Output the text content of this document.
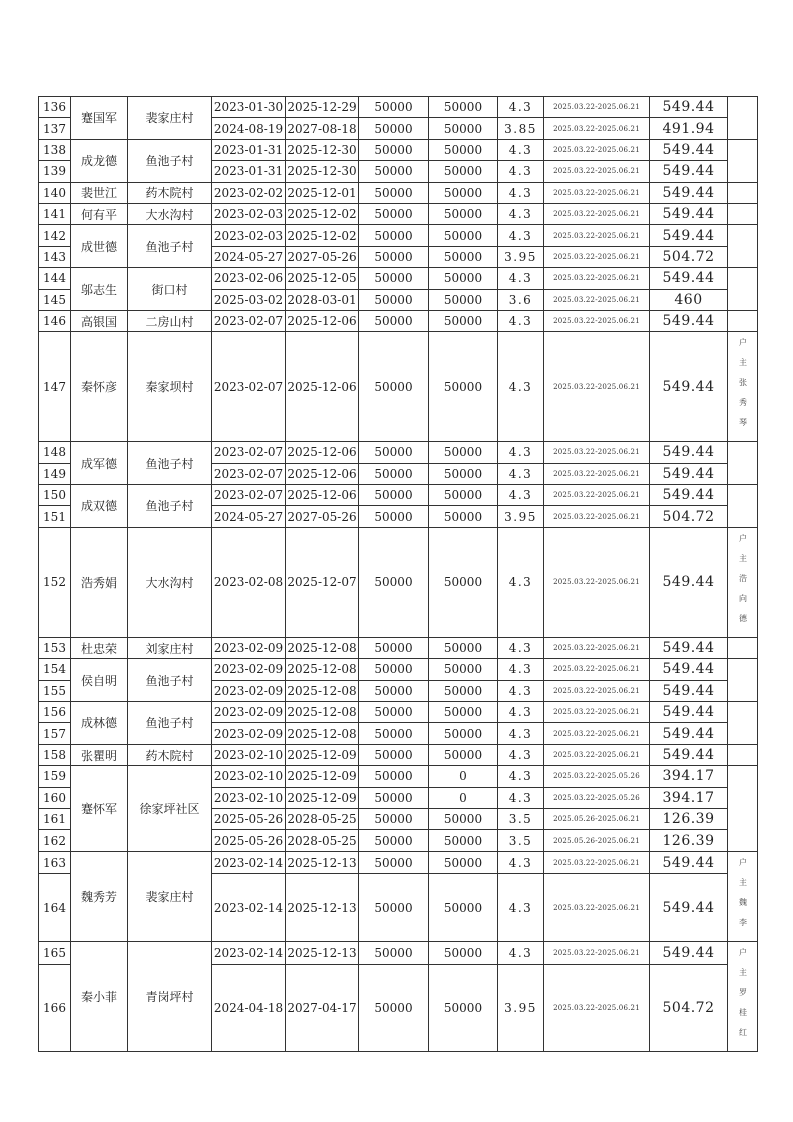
136	蹇国军	裴家庄村	2023-01-30	2025-12-29	50000	50000	4.3	2025.03.22-2025.06.21	549.44	
137			2024-08-19	2027-08-18	50000	50000	3.85	2025.03.22-2025.06.21	491.94	
138	成龙德	鱼池子村	2023-01-31	2025-12-30	50000	50000	4.3	2025.03.22-2025.06.21	549.44	
139			2023-01-31	2025-12-30	50000	50000	4.3	2025.03.22-2025.06.21	549.44	
140	裴世江	药木院村	2023-02-02	2025-12-01	50000	50000	4.3	2025.03.22-2025.06.21	549.44	
141	何有平	大水沟村	2023-02-03	2025-12-02	50000	50000	4.3	2025.03.22-2025.06.21	549.44	
142	成世德	鱼池子村	2023-02-03	2025-12-02	50000	50000	4.3	2025.03.22-2025.06.21	549.44	
143			2024-05-27	2027-05-26	50000	50000	3.95	2025.03.22-2025.06.21	504.72	
144	邬志生	街口村	2023-02-06	2025-12-05	50000	50000	4.3	2025.03.22-2025.06.21	549.44	
145			2025-03-02	2028-03-01	50000	50000	3.6	2025.03.22-2025.06.21	460	
146	高银国	二房山村	2023-02-07	2025-12-06	50000	50000	4.3	2025.03.22-2025.06.21	549.44	
147	秦怀彦	秦家坝村	2023-02-07	2025-12-06	50000	50000	4.3	2025.03.22-2025.06.21	549.44	户主张秀琴
148	成军德	鱼池子村	2023-02-07	2025-12-06	50000	50000	4.3	2025.03.22-2025.06.21	549.44	
149			2023-02-07	2025-12-06	50000	50000	4.3	2025.03.22-2025.06.21	549.44	
150	成双德	鱼池子村	2023-02-07	2025-12-06	50000	50000	4.3	2025.03.22-2025.06.21	549.44	
151			2024-05-27	2027-05-26	50000	50000	3.95	2025.03.22-2025.06.21	504.72	
152	浩秀娟	大水沟村	2023-02-08	2025-12-07	50000	50000	4.3	2025.03.22-2025.06.21	549.44	户主浩向德
153	杜忠荣	刘家庄村	2023-02-09	2025-12-08	50000	50000	4.3	2025.03.22-2025.06.21	549.44	
154	侯自明	鱼池子村	2023-02-09	2025-12-08	50000	50000	4.3	2025.03.22-2025.06.21	549.44	
155			2023-02-09	2025-12-08	50000	50000	4.3	2025.03.22-2025.06.21	549.44	
156	成林德	鱼池子村	2023-02-09	2025-12-08	50000	50000	4.3	2025.03.22-2025.06.21	549.44	
157			2023-02-09	2025-12-08	50000	50000	4.3	2025.03.22-2025.06.21	549.44	
158	张瞿明	药木院村	2023-02-10	2025-12-09	50000	50000	4.3	2025.03.22-2025.06.21	549.44	
159	蹇怀军	徐家坪社区	2023-02-10	2025-12-09	50000	0	4.3	2025.03.22-2025.05.26	394.17	
160			2023-02-10	2025-12-09	50000	0	4.3	2025.03.22-2025.05.26	394.17	
161			2025-05-26	2028-05-25	50000	50000	3.5	2025.05.26-2025.06.21	126.39	
162			2025-05-26	2028-05-25	50000	50000	3.5	2025.05.26-2025.06.21	126.39	
163	魏秀芳	裴家庄村	2023-02-14	2025-12-13	50000	50000	4.3	2025.03.22-2025.06.21	549.44	户主魏李
164			2023-02-14	2025-12-13	50000	50000	4.3	2025.03.22-2025.06.21	549.44	
165	秦小菲	青岗坪村	2023-02-14	2025-12-13	50000	50000	4.3	2025.03.22-2025.06.21	549.44	户主罗桂红
166			2024-04-18	2027-04-17	50000	50000	3.95	2025.03.22-2025.06.21	504.72	
